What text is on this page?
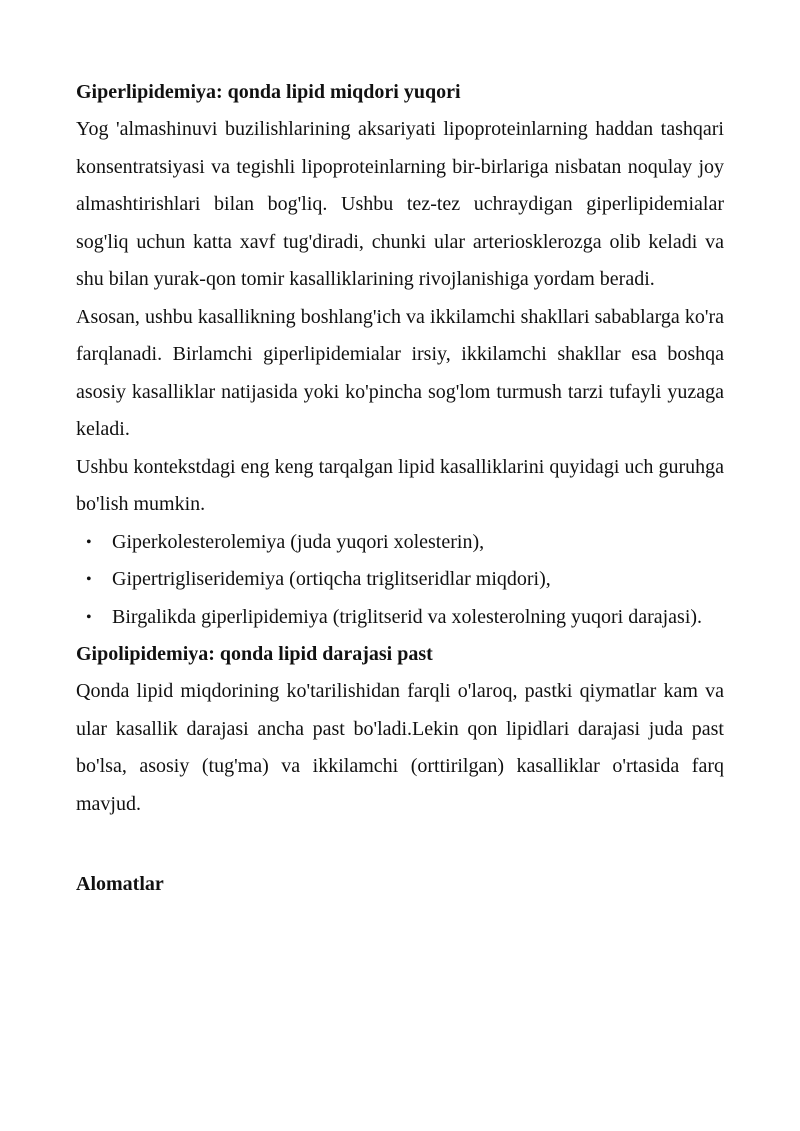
Giperlipidemiya: qonda lipid miqdori yuqori

Yog 'almashinuvi buzilishlarining aksariyati lipoproteinlarning haddan tashqari konsentratsiyasi va tegishli lipoproteinlarning bir-birlariga nisbatan noqulay joy almashtirishlari bilan bog'liq. Ushbu tez-tez uchraydigan giperlipidemialar sog'liq uchun katta xavf tug'diradi, chunki ular arteriosklerozga olib keladi va shu bilan yurak-qon tomir kasalliklarining rivojlanishiga yordam beradi.

Asosan, ushbu kasallikning boshlang'ich va ikkilamchi shakllari sabablarga ko'ra farqlanadi. Birlamchi giperlipidemialar irsiy, ikkilamchi shakllar esa boshqa asosiy kasalliklar natijasida yoki ko'pincha sog'lom turmush tarzi tufayli yuzaga keladi.

Ushbu kontekstdagi eng keng tarqalgan lipid kasalliklarini quyidagi uch guruhga bo'lish mumkin.

• Giperkolesterolemiya (juda yuqori xolesterin),
• Gipertrigliseridemiya (ortiqcha triglitseridlar miqdori),
• Birgalikda giperlipidemiya (triglitserid va xolesterolning yuqori darajasi).
Gipolipidemiya: qonda lipid darajasi past

Qonda lipid miqdorining ko'tarilishidan farqli o'laroq, pastki qiymatlar kam va ular kasallik darajasi ancha past bo'ladi.Lekin qon lipidlari darajasi juda past bo'lsa, asosiy (tug'ma) va ikkilamchi (orttirilgan) kasalliklar o'rtasida farq mavjud.

Alomatlar
